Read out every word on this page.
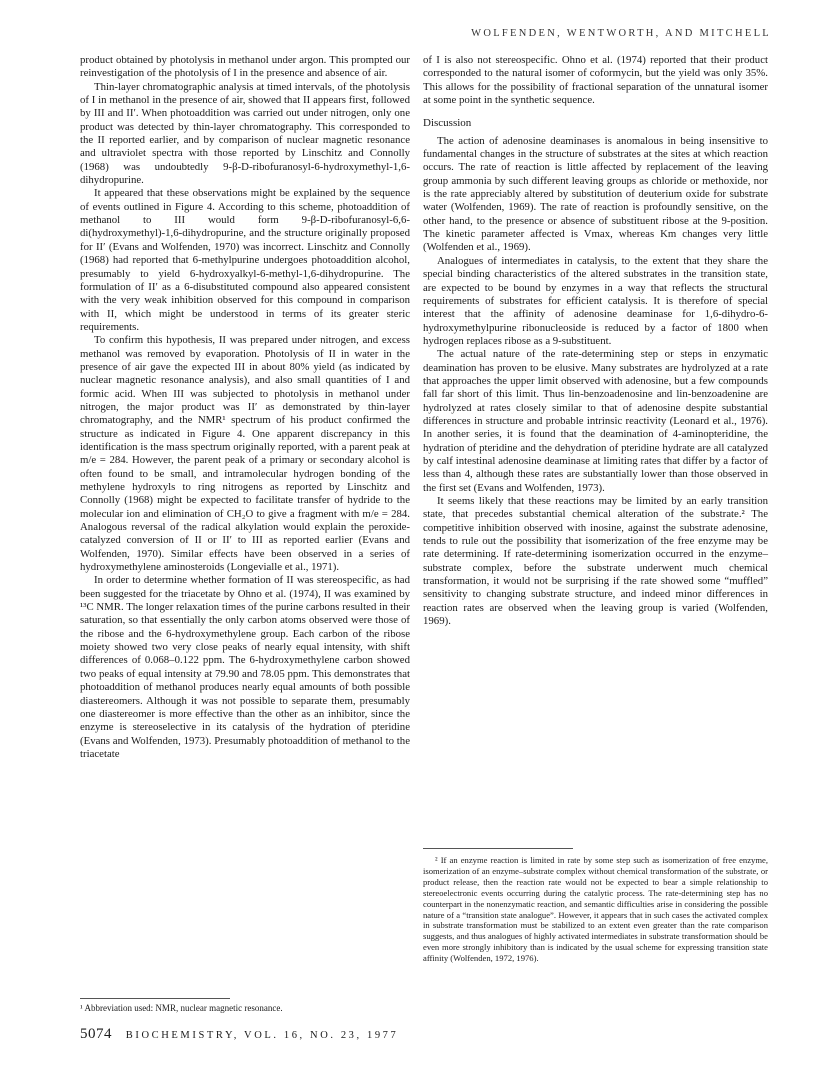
WOLFENDEN, WENTWORTH, AND MITCHELL

product obtained by photolysis in methanol under argon. This prompted our reinvestigation of the photolysis of I in the presence and absence of air.

Thin-layer chromatographic analysis at timed intervals, of the photolysis of I in methanol in the presence of air, showed that II appears first, followed by III and II′. When photoaddition was carried out under nitrogen, only one product was detected by thin-layer chromatography. This corresponded to the II reported earlier, and by comparison of nuclear magnetic resonance and ultraviolet spectra with those reported by Linschitz and Connolly (1968) was undoubtedly 9-β-D-ribofuranosyl-6-hydroxymethyl-1,6-dihydropurine.

It appeared that these observations might be explained by the sequence of events outlined in Figure 4. According to this scheme, photoaddition of methanol to III would form 9-β-D-ribofuranosyl-6,6-di(hydroxymethyl)-1,6-dihydropurine, and the structure originally proposed for II′ (Evans and Wolfenden, 1970) was incorrect. Linschitz and Connolly (1968) had reported that 6-methylpurine undergoes photoaddition alcohol, presumably to yield 6-hydroxyalkyl-6-methyl-1,6-dihydropurine. The formulation of II′ as a 6-disubstituted compound also appeared consistent with the very weak inhibition observed for this compound in comparison with II, which might be understood in terms of its greater steric requirements.

To confirm this hypothesis, II was prepared under nitrogen, and excess methanol was removed by evaporation. Photolysis of II in water in the presence of air gave the expected III in about 80% yield (as indicated by nuclear magnetic resonance analysis), and also small quantities of I and formic acid. When III was subjected to photolysis in methanol under nitrogen, the major product was II′ as demonstrated by thin-layer chromatography, and the NMR¹ spectrum of his product confirmed the structure as indicated in Figure 4. One apparent discrepancy in this identification is the mass spectrum originally reported, with a parent peak at m/e = 284. However, the parent peak of a primary or secondary alcohol is often found to be small, and intramolecular hydrogen bonding of the methylene hydroxyls to ring nitrogens as reported by Linschitz and Connolly (1968) might be expected to facilitate transfer of hydride to the molecular ion and elimination of CH₂O to give a fragment with m/e = 284. Analogous reversal of the radical alkylation would explain the peroxide-catalyzed conversion of II or II′ to III as reported earlier (Evans and Wolfenden, 1970). Similar effects have been observed in a series of hydroxymethylene aminosteroids (Longevialle et al., 1971).

In order to determine whether formation of II was stereospecific, as had been suggested for the triacetate by Ohno et al. (1974), II was examined by ¹³C NMR. The longer relaxation times of the purine carbons resulted in their saturation, so that essentially the only carbon atoms observed were those of the ribose and the 6-hydroxymethylene group. Each carbon of the ribose moiety showed two very close peaks of nearly equal intensity, with shift differences of 0.068–0.122 ppm. The 6-hydroxymethylene carbon showed two peaks of equal intensity at 79.90 and 78.05 ppm. This demonstrates that photoaddition of methanol produces nearly equal amounts of both possible diastereomers. Although it was not possible to separate them, presumably one diastereomer is more effective than the other as an inhibitor, since the enzyme is stereoselective in its catalysis of the hydration of pteridine (Evans and Wolfenden, 1973). Presumably photoaddition of methanol to the triacetate

of I is also not stereospecific. Ohno et al. (1974) reported that their product corresponded to the natural isomer of coformycin, but the yield was only 35%. This allows for the possibility of fractional separation of the unnatural isomer at some point in the synthetic sequence.

Discussion

The action of adenosine deaminases is anomalous in being insensitive to fundamental changes in the structure of substrates at the sites at which reaction occurs. The rate of reaction is little affected by replacement of the leaving group ammonia by such different leaving groups as chloride or methoxide, nor is the rate appreciably altered by substitution of deuterium oxide for substrate water (Wolfenden, 1969). The rate of reaction is profoundly sensitive, on the other hand, to the presence or absence of substituent ribose at the 9-position. The kinetic parameter affected is Vmax, whereas Km changes very little (Wolfenden et al., 1969).

Analogues of intermediates in catalysis, to the extent that they share the special binding characteristics of the altered substrates in the transition state, are expected to be bound by enzymes in a way that reflects the structural requirements of substrates for efficient catalysis. It is therefore of special interest that the affinity of adenosine deaminase for 1,6-dihydro-6-hydroxymethylpurine ribonucleoside is reduced by a factor of 1800 when hydrogen replaces ribose as a 9-substituent.

The actual nature of the rate-determining step or steps in enzymatic deamination has proven to be elusive. Many substrates are hydrolyzed at a rate that approaches the upper limit observed with adenosine, but a few compounds fall far short of this limit. Thus lin-benzoadenosine and lin-benzoadenine are hydrolyzed at rates closely similar to that of adenosine despite substantial differences in structure and probable intrinsic reactivity (Leonard et al., 1976). In another series, it is found that the deamination of 4-aminopteridine, the hydration of pteridine and the dehydration of pteridine hydrate are all catalyzed by calf intestinal adenosine deaminase at limiting rates that differ by a factor of less than 4, although these rates are substantially lower than those observed in the first set (Evans and Wolfenden, 1973).

It seems likely that these reactions may be limited by an early transition state, that precedes substantial chemical alteration of the substrate.² The competitive inhibition observed with inosine, against the substrate adenosine, tends to rule out the possibility that isomerization of the free enzyme may be rate determining. If rate-determining isomerization occurred in the enzyme–substrate complex, before the substrate underwent much chemical transformation, it would not be surprising if the rate showed some “muffled” sensitivity to changing substrate structure, and indeed minor differences in reaction rates are observed when the leaving group is varied (Wolfenden, 1969).

² If an enzyme reaction is limited in rate by some step such as isomerization of free enzyme, isomerization of an enzyme–substrate complex without chemical transformation of the substrate, or product release, then the reaction rate would not be expected to bear a simple relationship to stereoelectronic events occurring during the catalytic process. The rate-determining step has no counterpart in the nonenzymatic reaction, and semantic difficulties arise in considering the possible nature of a “transition state analogue”. However, it appears that in such cases the activated complex in substrate transformation must be stabilized to an extent even greater than the rate comparison suggests, and thus analogues of highly activated intermediates in substrate transformation should be even more strongly inhibitory than is indicated by the usual scheme for expressing transition state affinity (Wolfenden, 1972, 1976).

¹ Abbreviation used: NMR, nuclear magnetic resonance.
5074 BIOCHEMISTRY, VOL. 16, NO. 23, 1977
